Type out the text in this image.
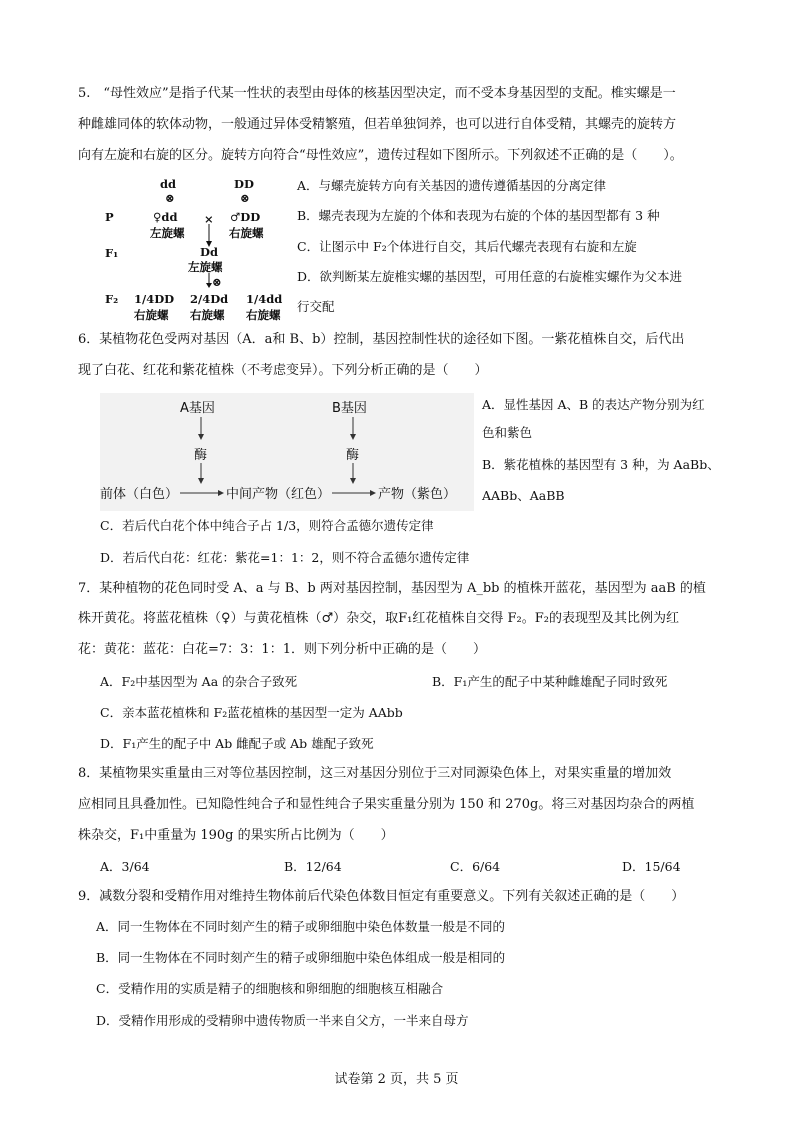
5.　“母性效应”是指子代某一性状的表型由母体的核基因型决定，而不受本身基因型的支配。椎实螺是一
种雌雄同体的软体动物，一般通过异体受精繁殖，但若单独饲养，也可以进行自体受精，其螺壳的旋转方
向有左旋和右旋的区分。旋转方向符合“母性效应”，遗传过程如下图所示。下列叙述不正确的是（　　）。
dd	DD
⊗	⊗
P	♀dd × ♂DD
左旋螺	右旋螺
F₁	Dd
左旋螺
⊗
F₂ 1/4DD 2/4Dd 1/4dd
右旋螺 右旋螺 右旋螺
A．与螺壳旋转方向有关基因的遗传遵循基因的分离定律
B．螺壳表现为左旋的个体和表现为右旋的个体的基因型都有 3 种
C．让图示中 F₂个体进行自交，其后代螺壳表现有右旋和左旋
D．欲判断某左旋椎实螺的基因型，可用任意的右旋椎实螺作为父本进
行交配
6．某植物花色受两对基因（A．a和 B、b）控制，基因控制性状的途径如下图。一紫花植株自交，后代出
现了白花、红花和紫花植株（不考虑变异）。下列分析正确的是（　　）
A基因	B基因
酶	酶
前体（白色）	中间产物（红色）	产物（紫色）
A．显性基因 A、B 的表达产物分别为红
色和紫色
B．紫花植株的基因型有 3 种，为 AaBb、
AABb、AaBB
C．若后代白花个体中纯合子占 1/3，则符合孟德尔遗传定律
D．若后代白花：红花：紫花=1：1：2，则不符合孟德尔遗传定律
7．某种植物的花色同时受 A、a 与 B、b 两对基因控制，基因型为 A_bb 的植株开蓝花，基因型为 aaB 的植
株开黄花。将蓝花植株（♀）与黄花植株（♂）杂交，取F₁红花植株自交得 F₂。F₂的表现型及其比例为红
花：黄花：蓝花：白花=7：3：1：1．则下列分析中正确的是（　　）
A．F₂中基因型为 Aa 的杂合子致死	B．F₁产生的配子中某种雌雄配子同时致死
C．亲本蓝花植株和 F₂蓝花植株的基因型一定为 AAbb
D．F₁产生的配子中 Ab 雌配子或 Ab 雄配子致死
8．某植物果实重量由三对等位基因控制，这三对基因分别位于三对同源染色体上，对果实重量的增加效
应相同且具叠加性。已知隐性纯合子和显性纯合子果实重量分别为 150 和 270g。将三对基因均杂合的两植
株杂交，F₁中重量为 190g 的果实所占比例为（　　）
A．3/64	B．12/64	C．6/64	D．15/64
9．减数分裂和受精作用对维持生物体前后代染色体数目恒定有重要意义。下列有关叙述正确的是（　　）
A．同一生物体在不同时刻产生的精子或卵细胞中染色体数量一般是不同的
B．同一生物体在不同时刻产生的精子或卵细胞中染色体组成一般是相同的
C．受精作用的实质是精子的细胞核和卵细胞的细胞核互相融合
D．受精作用形成的受精卵中遗传物质一半来自父方，一半来自母方
试卷第 2 页，共 5 页
